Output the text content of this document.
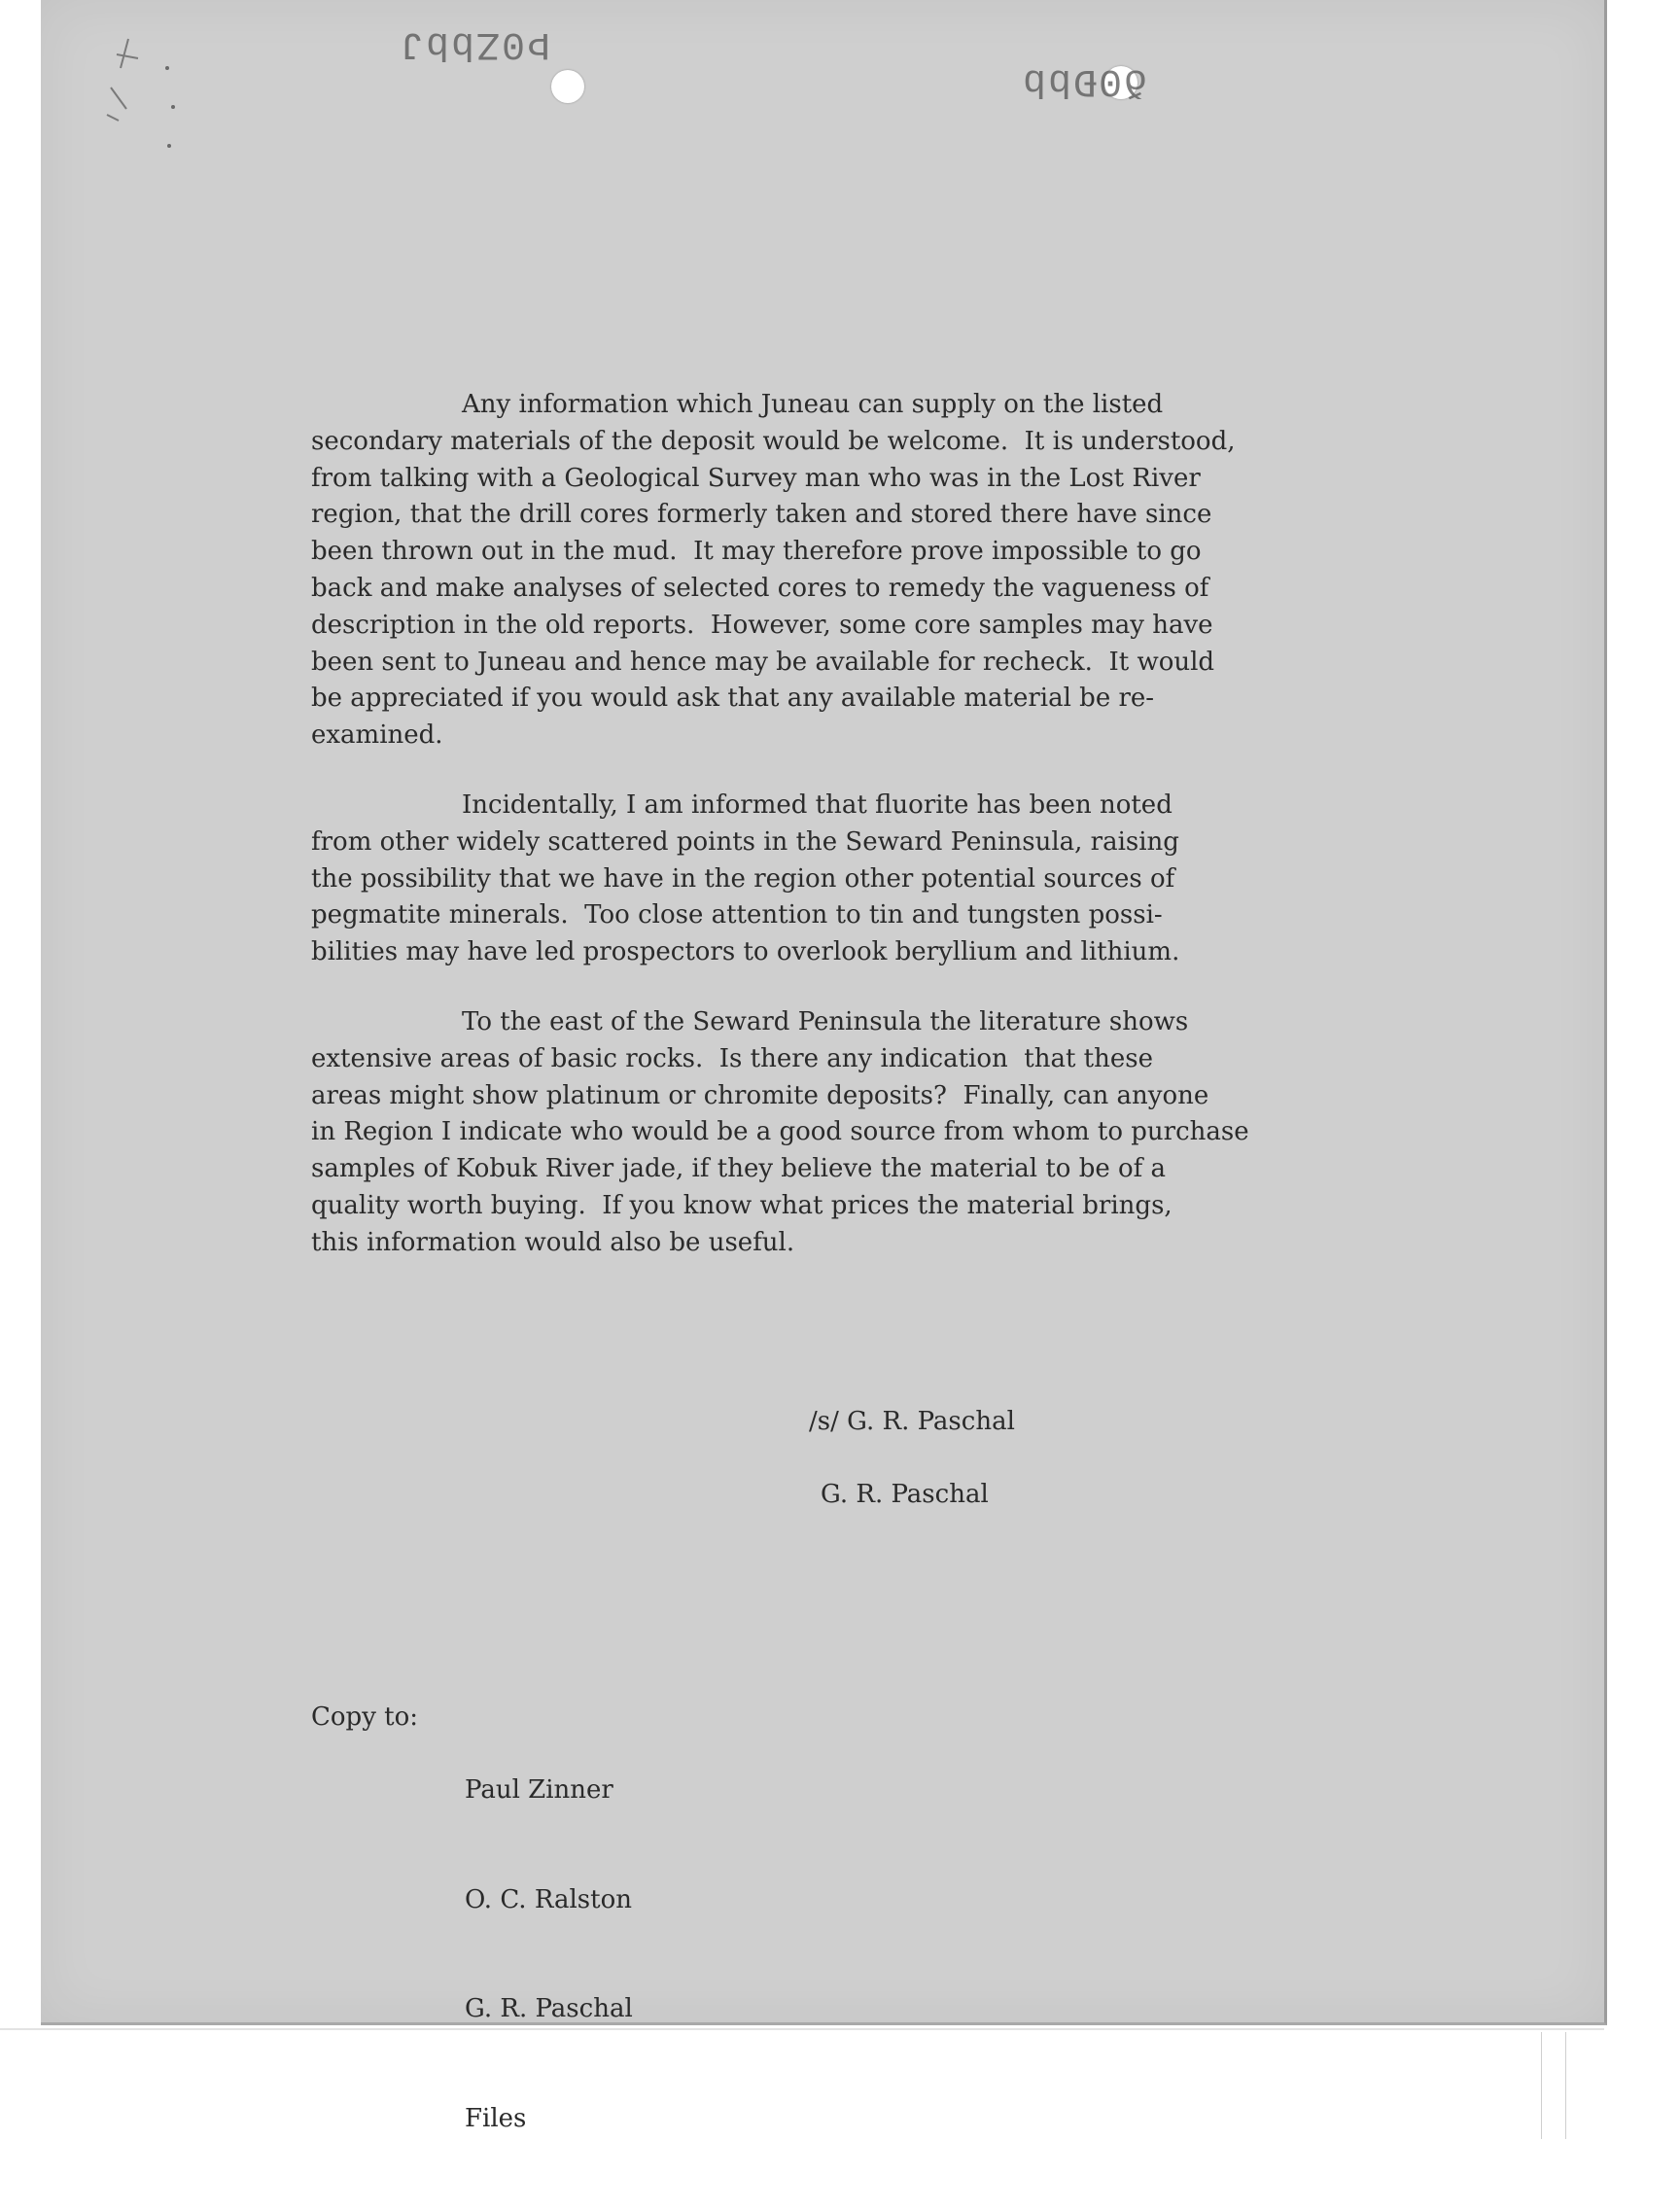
Þ0ZbbJ
ð0Ðbb
Any information which Juneau can supply on the listed
secondary materials of the deposit would be welcome.  It is understood,
from talking with a Geological Survey man who was in the Lost River
region, that the drill cores formerly taken and stored there have since
been thrown out in the mud.  It may therefore prove impossible to go
back and make analyses of selected cores to remedy the vagueness of
description in the old reports.  However, some core samples may have
been sent to Juneau and hence may be available for recheck.  It would
be appreciated if you would ask that any available material be re-
examined.
Incidentally, I am informed that fluorite has been noted
from other widely scattered points in the Seward Peninsula, raising
the possibility that we have in the region other potential sources of
pegmatite minerals.  Too close attention to tin and tungsten possi-
bilities may have led prospectors to overlook beryllium and lithium.
To the east of the Seward Peninsula the literature shows
extensive areas of basic rocks.  Is there any indication  that these
areas might show platinum or chromite deposits?  Finally, can anyone
in Region I indicate who would be a good source from whom to purchase
samples of Kobuk River jade, if they believe the material to be of a
quality worth buying.  If you know what prices the material brings,
this information would also be useful.
/s/ G. R. Paschal
G. R. Paschal
Copy to:

Paul Zinner

O. C. Ralston

G. R. Paschal

Files
